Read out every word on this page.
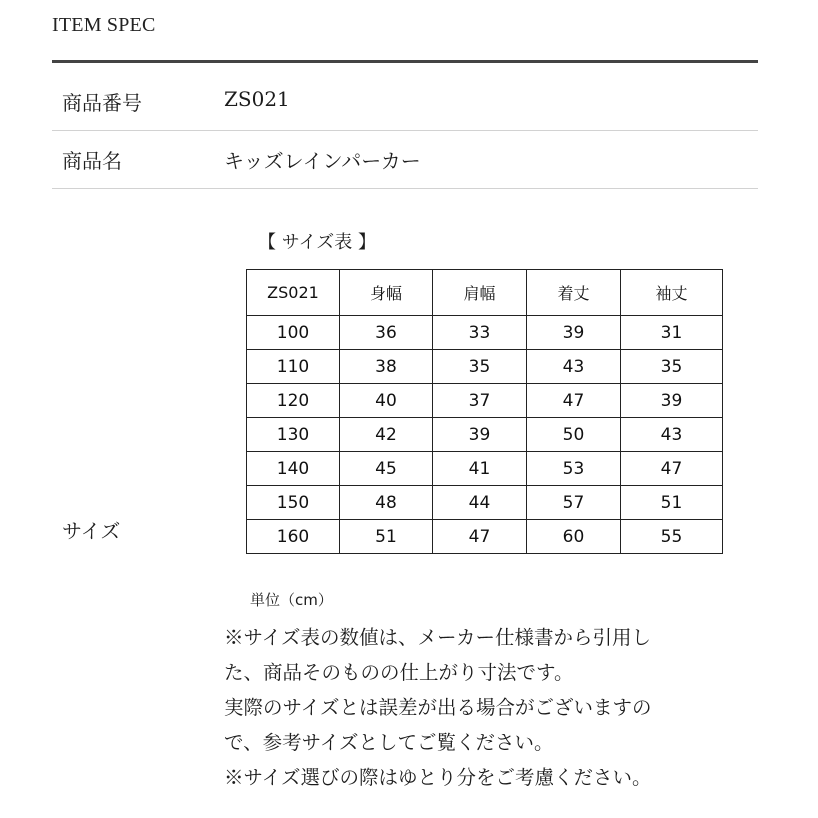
ITEM SPEC
商品番号	ZS021
商品名	キッズレインパーカー
サイズ
【 サイズ表 】
ZS021	身幅	肩幅	着丈	袖丈
100	36	33	39	31
110	38	35	43	35
120	40	37	47	39
130	42	39	50	43
140	45	41	53	47
150	48	44	57	51
160	51	47	60	55
単位（cm）
※サイズ表の数値は、メーカー仕様書から引用し
た、商品そのものの仕上がり寸法です。
実際のサイズとは誤差が出る場合がございますの
で、参考サイズとしてご覧ください。
※サイズ選びの際はゆとり分をご考慮ください。
